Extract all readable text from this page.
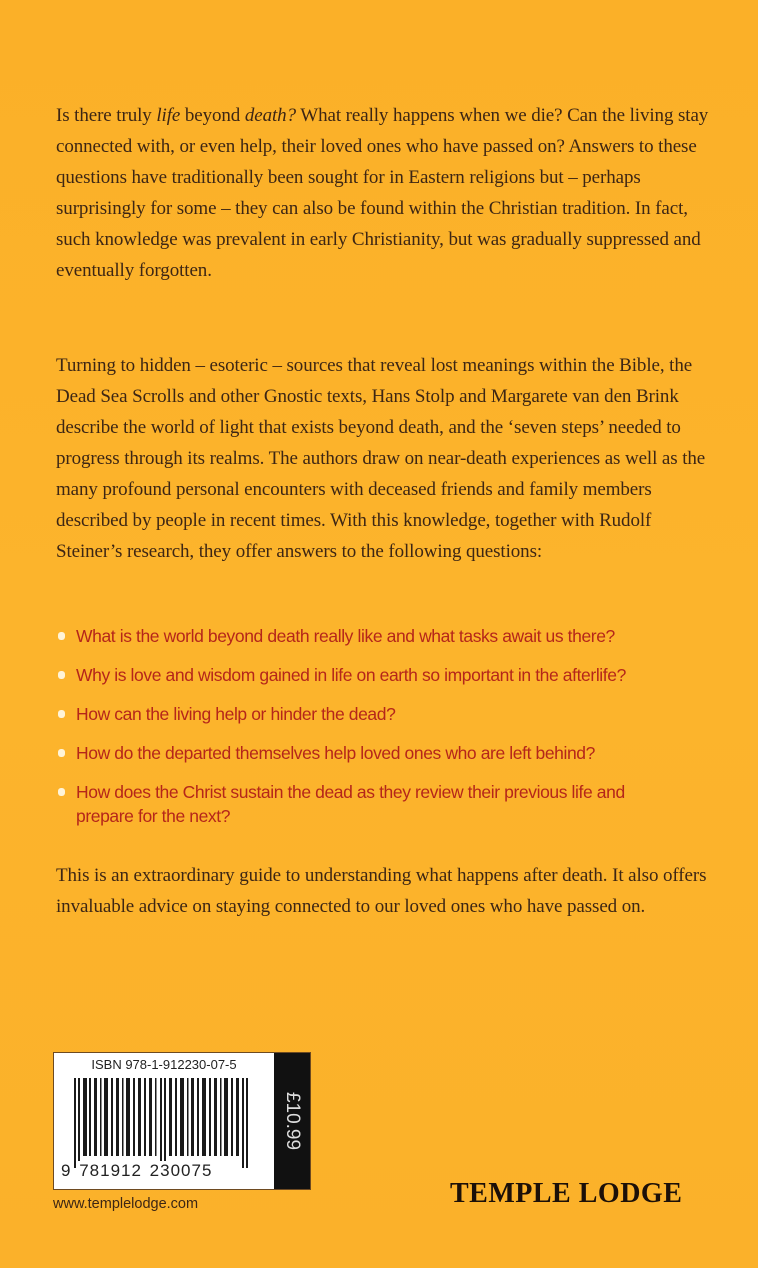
Is there truly life beyond death? What really happens when we die? Can the living stay connected with, or even help, their loved ones who have passed on? Answers to these questions have traditionally been sought for in Eastern religions but – perhaps surprisingly for some – they can also be found within the Christian tradition. In fact, such knowledge was prevalent in early Christianity, but was gradually suppressed and eventually forgotten.

Turning to hidden – esoteric – sources that reveal lost meanings within the Bible, the Dead Sea Scrolls and other Gnostic texts, Hans Stolp and Margarete van den Brink describe the world of light that exists beyond death, and the ‘seven steps’ needed to progress through its realms. The authors draw on near-death experiences as well as the many profound personal encounters with deceased friends and family members described by people in recent times. With this knowledge, together with Rudolf Steiner’s research, they offer answers to the following questions:

What is the world beyond death really like and what tasks await us there?
Why is love and wisdom gained in life on earth so important in the afterlife?
How can the living help or hinder the dead?
How do the departed themselves help loved ones who are left behind?
How does the Christ sustain the dead as they review their previous life and prepare for the next?

This is an extraordinary guide to understanding what happens after death. It also offers invaluable advice on staying connected to our loved ones who have passed on.

ISBN 978-1-912230-07-5
9 781912 230075
£10.99
www.templelodge.com	TEMPLE LODGE
